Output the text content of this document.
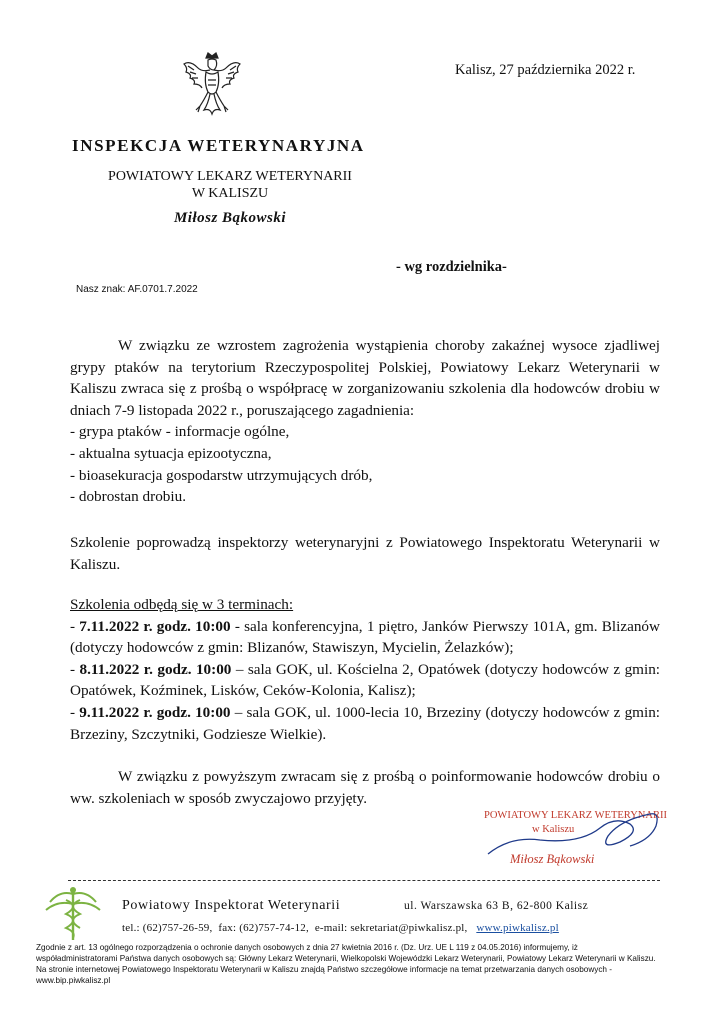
Kalisz, 27 października 2022 r.
INSPEKCJA WETERYNARYJNA
POWIATOWY LEKARZ WETERYNARII
W KALISZU
Miłosz Bąkowski
- wg rozdzielnika-
Nasz znak: AF.0701.7.2022

W związku ze wzrostem zagrożenia wystąpienia choroby zakaźnej wysoce zjadliwej grypy ptaków na terytorium Rzeczypospolitej Polskiej, Powiatowy Lekarz Weterynarii w Kaliszu zwraca się z prośbą o współpracę w zorganizowaniu szkolenia dla hodowców drobiu w dniach 7-9 listopada 2022 r., poruszającego zagadnienia:

- grypa ptaków - informacje ogólne,
- aktualna sytuacja epizootyczna,
- bioasekuracja gospodarstw utrzymujących drób,
- dobrostan drobiu.

Szkolenie poprowadzą inspektorzy weterynaryjni z Powiatowego Inspektoratu Weterynarii w Kaliszu.

Szkolenia odbędą się w 3 terminach:

- 7.11.2022 r. godz. 10:00 - sala konferencyjna, 1 piętro, Janków Pierwszy 101A, gm. Blizanów (dotyczy hodowców z gmin: Blizanów, Stawiszyn, Mycielin, Żelazków);

- 8.11.2022 r. godz. 10:00 – sala GOK, ul. Kościelna 2, Opatówek (dotyczy hodowców z gmin: Opatówek, Koźminek, Lisków, Ceków-Kolonia, Kalisz);

- 9.11.2022 r. godz. 10:00 – sala GOK, ul. 1000-lecia 10, Brzeziny (dotyczy hodowców z gmin: Brzeziny, Szczytniki, Godziesze Wielkie).

W związku z powyższym zwracam się z prośbą o poinformowanie hodowców drobiu o ww. szkoleniach w sposób zwyczajowo przyjęty.

POWIATOWY LEKARZ WETERYNARII
w Kaliszu
Miłosz Bąkowski
Powiatowy Inspektorat Weterynarii	ul. Warszawska 63 B, 62-800 Kalisz
tel.: (62)757-26-59, fax: (62)757-74-12, e-mail: sekretariat@piwkalisz.pl, www.piwkalisz.pl
Zgodnie z art. 13 ogólnego rozporządzenia o ochronie danych osobowych z dnia 27 kwietnia 2016 r. (Dz. Urz. UE L 119 z 04.05.2016) informujemy, iż współadministratorami Państwa danych osobowych są: Główny Lekarz Weterynarii, Wielkopolski Wojewódzki Lekarz Weterynarii, Powiatowy Lekarz Weterynarii w Kaliszu. Na stronie internetowej Powiatowego Inspektoratu Weterynarii w Kaliszu znajdą Państwo szczegółowe informacje na temat przetwarzania danych osobowych - www.bip.piwkalisz.pl
